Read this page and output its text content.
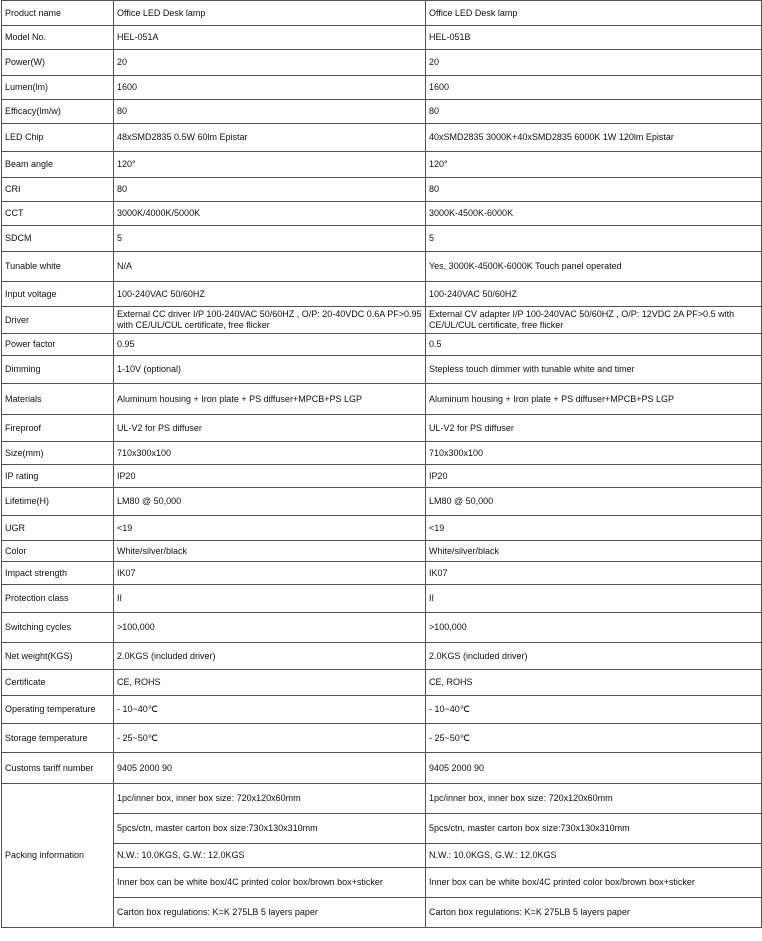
Product name	Office LED Desk lamp	Office LED Desk lamp
Model No.	HEL-051A	HEL-051B
Power(W)	20	20
Lumen(lm)	1600	1600
Efficacy(lm/w)	80	80
LED Chip	48xSMD2835 0.5W 60lm Epistar	40xSMD2835 3000K+40xSMD2835 6000K 1W 120lm Epistar
Beam angle	120°	120°
CRI	80	80
CCT	3000K/4000K/5000K	3000K-4500K-6000K
SDCM	5	5
Tunable white	N/A	Yes, 3000K-4500K-6000K Touch panel operated
Input voltage	100-240VAC 50/60HZ	100-240VAC 50/60HZ
Driver	External CC driver I/P 100-240VAC 50/60HZ , O/P: 20-40VDC 0.6A PF>0.95 with CE/UL/CUL certificate, free flicker	External CV adapter I/P 100-240VAC 50/60HZ , O/P: 12VDC 2A PF>0.5 with CE/UL/CUL certificate, free flicker
Power factor	0.95	0.5
Dimming	1-10V (optional)	Stepless touch dimmer with tunable white and timer
Materials	Aluminum housing + Iron plate + PS diffuser+MPCB+PS LGP	Aluminum housing + Iron plate + PS diffuser+MPCB+PS LGP
Fireproof	UL-V2 for PS diffuser	UL-V2 for PS diffuser
Size(mm)	710x300x100	710x300x100
IP rating	IP20	IP20
Lifetime(H)	LM80 @ 50,000	LM80 @ 50,000
UGR	<19	<19
Color	White/silver/black	White/silver/black
Impact strength	IK07	IK07
Protection class	II	II
Switching cycles	>100,000	>100,000
Net weight(KGS)	2.0KGS (included driver)	2.0KGS (included driver)
Certificate	CE, ROHS	CE, ROHS
Operating temperature	- 10~40℃	- 10~40℃
Storage temperature	- 25~50℃	- 25~50℃
Customs tariff number	9405 2000 90	9405 2000 90
Packing information	1pc/inner box, inner box size: 720x120x60mm	1pc/inner box, inner box size: 720x120x60mm
	5pcs/ctn, master carton box size:730x130x310mm	5pcs/ctn, master carton box size:730x130x310mm
	N.W.: 10.0KGS, G.W.: 12.0KGS	N.W.: 10.0KGS, G.W.: 12.0KGS
	Inner box can be white box/4C printed color box/brown box+sticker	Inner box can be white box/4C printed color box/brown box+sticker
	Carton box regulations: K=K 275LB 5 layers paper	Carton box regulations: K=K 275LB 5 layers paper
